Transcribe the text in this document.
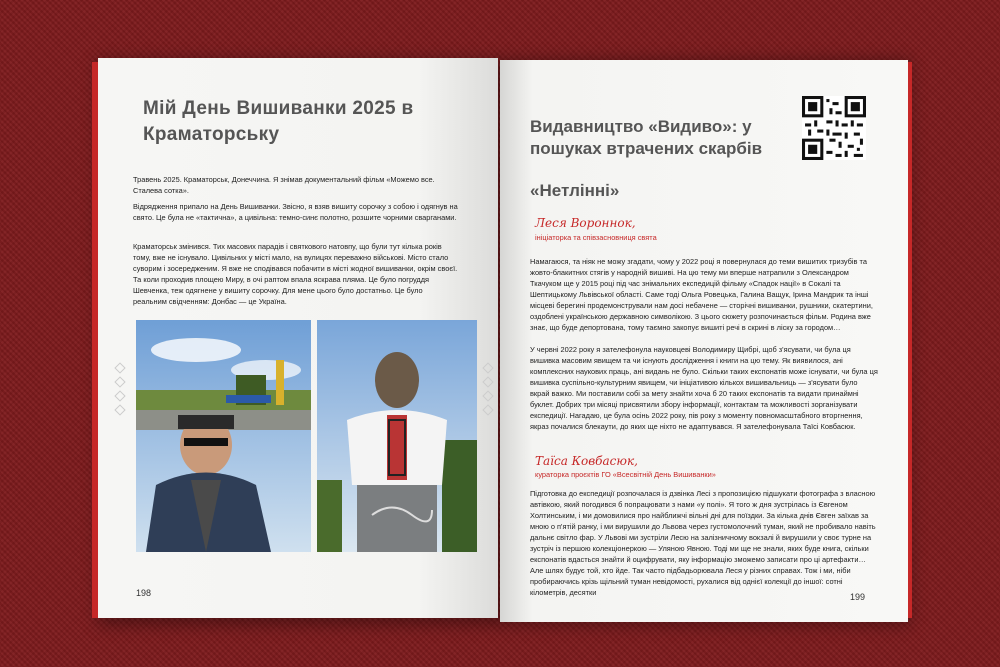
Мій День Вишиванки 2025 в Краматорську

Травень 2025. Краматорськ, Донеччина. Я знімав документальний фільм «Можемо все. Сталева сотка».

Відрядження припало на День Вишиванки. Звісно, я взяв вишиту сорочку з собою і одягнув на свято. Це була не «тактична», а цивільна: темно-синє полотно, розшите чорними сварганами.

Краматорськ змінився. Тих масових парадів і святкового натовпу, що були тут кілька років тому, вже не існувало. Цивільних у місті мало, на вулицях переважно військові. Місто стало суворим і зосередженим. Я вже не сподівався побачити в місті жодної вишиванки, окрім своєї. Та коли проходив площею Миру, в очі раптом впала яскрава пляма. Це було погруддя Шевченка, теж одягнене у вишиту сорочку. Для мене цього було достатньо. Це було реальним свідченням: Донбас — це Україна.

198
Видавництво «Видиво»: у пошуках втрачених скарбів
«Нетлінні»
Леся Вороннок,
ініціаторка та співзасновниця свята

Намагаюся, та ніяк не можу згадати, чому у 2022 році я повернулася до теми вишитих тризубів та жовто-блакитних стягів у народній вишиві. На цю тему ми вперше натрапили з Олександром Ткачуком ще у 2015 році під час знімальних експедицій фільму «Спадок нації» в Сокалі та Шептицькому Львівської області. Саме тоді Ольга Ровецька, Галина Ващук, Ірина Мандрик та інші місцеві берегині продемонстрували нам досі небачене — сторічні вишиванки, рушники, скатертини, оздоблені українською державною символікою. З цього сюжету розпочинається фільм. Родина вже знає, що буде депортована, тому таємно закопує вишиті речі в скрині в ліску за городом…

У червні 2022 року я зателефонула науковцеві Володимиру Щибрі, щоб з'ясувати, чи була ця вишивка масовим явищем та чи існують дослідження і книги на цю тему. Як виявилося, ані комплексних наукових праць, ані видань не було. Скільки таких експонатів може існувати, чи була ця вишивка суспільно-культурним явищем, чи ініціативою кількох вишивальниць — з'ясувати було вкрай важко. Ми поставили собі за мету знайти хоча б 20 таких експонатів та видати принаймні буклет. Добрих три місяці присвятили збору інформації, контактам та можливості зорганізувати експедиції. Нагадаю, це була осінь 2022 року, пів року з моменту повномасштабного вторгнення, якраз почалися блекаути, до яких ще ніхто не адаптувався. Я зателефонувала Таїсі Ковбасюк.

Таїса Ковбасюк,
кураторка проєктів ГО «Всесвітній День Вишиванки»

Підготовка до експедиції розпочалася із дзвінка Лесі з пропозицією підшукати фотографа з власною автівкою, який погодився б попрацювати з нами «у полі». Я того ж дня зустрілась із Євгеном Холтинським, і ми домовилися про найближчі вільні дні для поїздки. За кілька днів Євген заїхав за мною о п'ятій ранку, і ми вирушили до Львова через густомолочний туман, який не пробивало навіть дальнє світло фар. У Львові ми зустріли Лесю на залізничному вокзалі й вирушили у своє турне на зустріч із першою колекціонеркою — Уляною Явною. Тоді ми ще не знали, яких буде книга, скільки експонатів вдасться знайти й оцифрувати, яку інформацію зможемо записати про ці артефакти… Але шлях будує той, хто йде. Так часто підбадьорювала Леся у різних справах. Тож і ми, ніби пробираючись крізь щільний туман невідомості, рухалися від однієї колекції до іншої: сотні кілометрів, десятки	199
